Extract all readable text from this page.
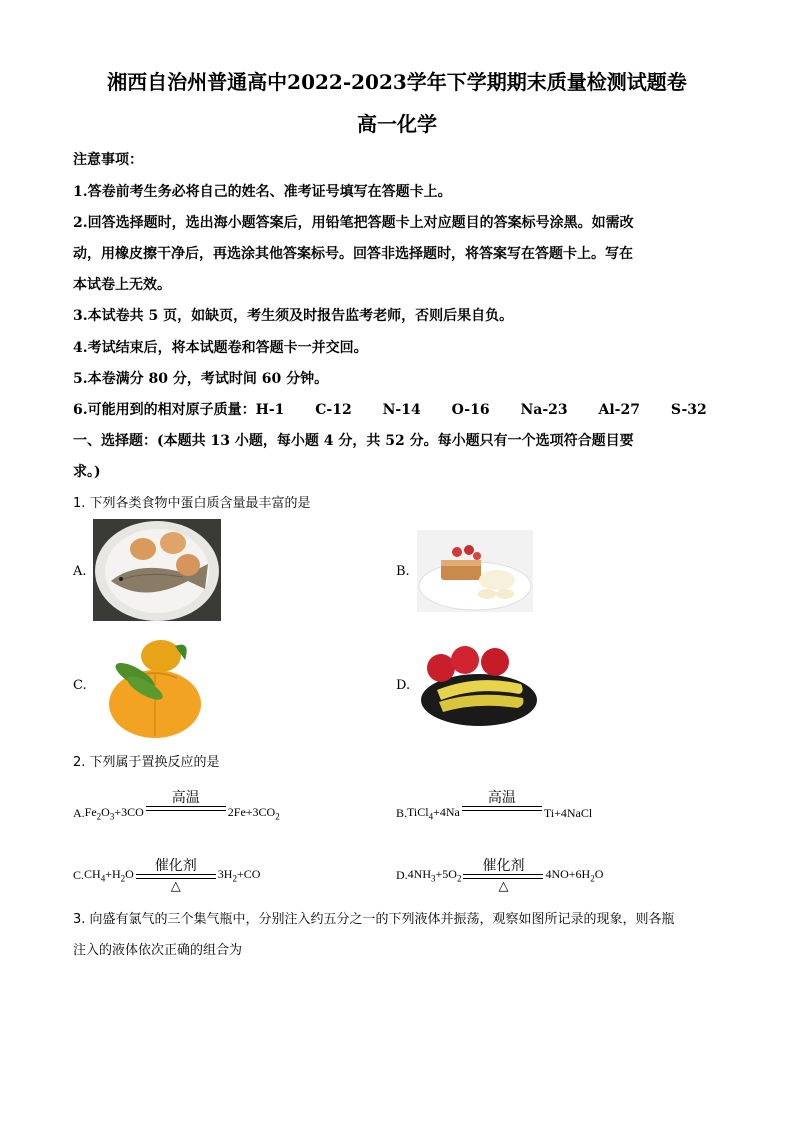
湘西自治州普通高中2022-2023学年下学期期末质量检测试题卷
高一化学
注意事项：
1.答卷前考生务必将自己的姓名、准考证号填写在答题卡上。
2.回答选择题时，选出海小题答案后，用铅笔把答题卡上对应题目的答案标号涂黑。如需改
动，用橡皮擦干净后，再选涂其他答案标号。回答非选择题时，将答案写在答题卡上。写在
本试卷上无效。
3.本试卷共 5 页，如缺页，考生须及时报告监考老师，否则后果自负。
4.考试结束后，将本试题卷和答题卡一并交回。
5.本卷满分 80 分，考试时间 60 分钟。
6.可能用到的相对原子质量：H-1 C-12 N-14 O-16 Na-23 Al-27 S-32
一、选择题：(本题共 13 小题，每小题 4 分，共 52 分。每小题只有一个选项符合题目要
求。)
1. 下列各类食物中蛋白质含量最丰富的是
A.	B.
C.	D.
2. 下列属于置换反应的是
A. $Fe_2O_3+3CO$
高温
$2Fe+3CO_2$	B. TiCl$_4$+4Na
高温
Ti+4NaCl
C. $CH_4+H_2O$
催化剂
△
$3H_2+CO$	D. $4NH_3+5O_2$
催化剂
△
$4NO+6H_2O$
3. 向盛有氯气的三个集气瓶中，分别注入约五分之一的下列液体并振荡，观察如图所记录的现象，则各瓶
注入的液体依次正确的组合为
